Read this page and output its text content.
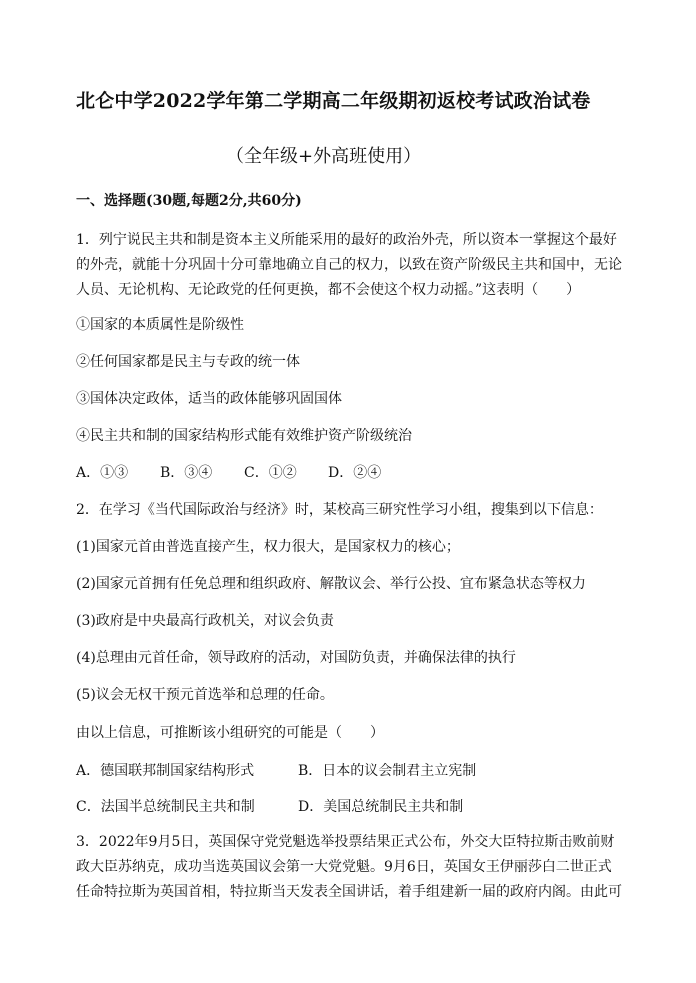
北仑中学2022学年第二学期高二年级期初返校考试政治试卷
（全年级+外高班使用）
一、选择题(30题,每题2分,共60分)
1．列宁说民主共和制是资本主义所能采用的最好的政治外壳，所以资本一掌握这个最好
的外壳，就能十分巩固十分可靠地确立自己的权力，以致在资产阶级民主共和国中，无论
人员、无论机构、无论政党的任何更换，都不会使这个权力动摇。”这表明（　　）
①国家的本质属性是阶级性
②任何国家都是民主与专政的统一体
③国体决定政体，适当的政体能够巩固国体
④民主共和制的国家结构形式能有效维护资产阶级统治
A．①③ B．③④ C．①② D．②④
2．在学习《当代国际政治与经济》时，某校高三研究性学习小组，搜集到以下信息：
(1)国家元首由普选直接产生，权力很大，是国家权力的核心；
(2)国家元首拥有任免总理和组织政府、解散议会、举行公投、宜布紧急状态等权力
(3)政府是中央最高行政机关，对议会负责
(4)总理由元首任命，领导政府的活动，对国防负责，并确保法律的执行
(5)议会无权干预元首选举和总理的任命。
由以上信息，可推断该小组研究的可能是（　　）
A．德国联邦制国家结构形式	B．日本的议会制君主立宪制
C．法国半总统制民主共和制	D．美国总统制民主共和制
3．2022年9月5日，英国保守党党魁选举投票结果正式公布，外交大臣特拉斯击败前财
政大臣苏纳克，成功当选英国议会第一大党党魁。9月6日，英国女王伊丽莎白二世正式
任命特拉斯为英国首相，特拉斯当天发表全国讲话，着手组建新一届的政府内阁。由此可
